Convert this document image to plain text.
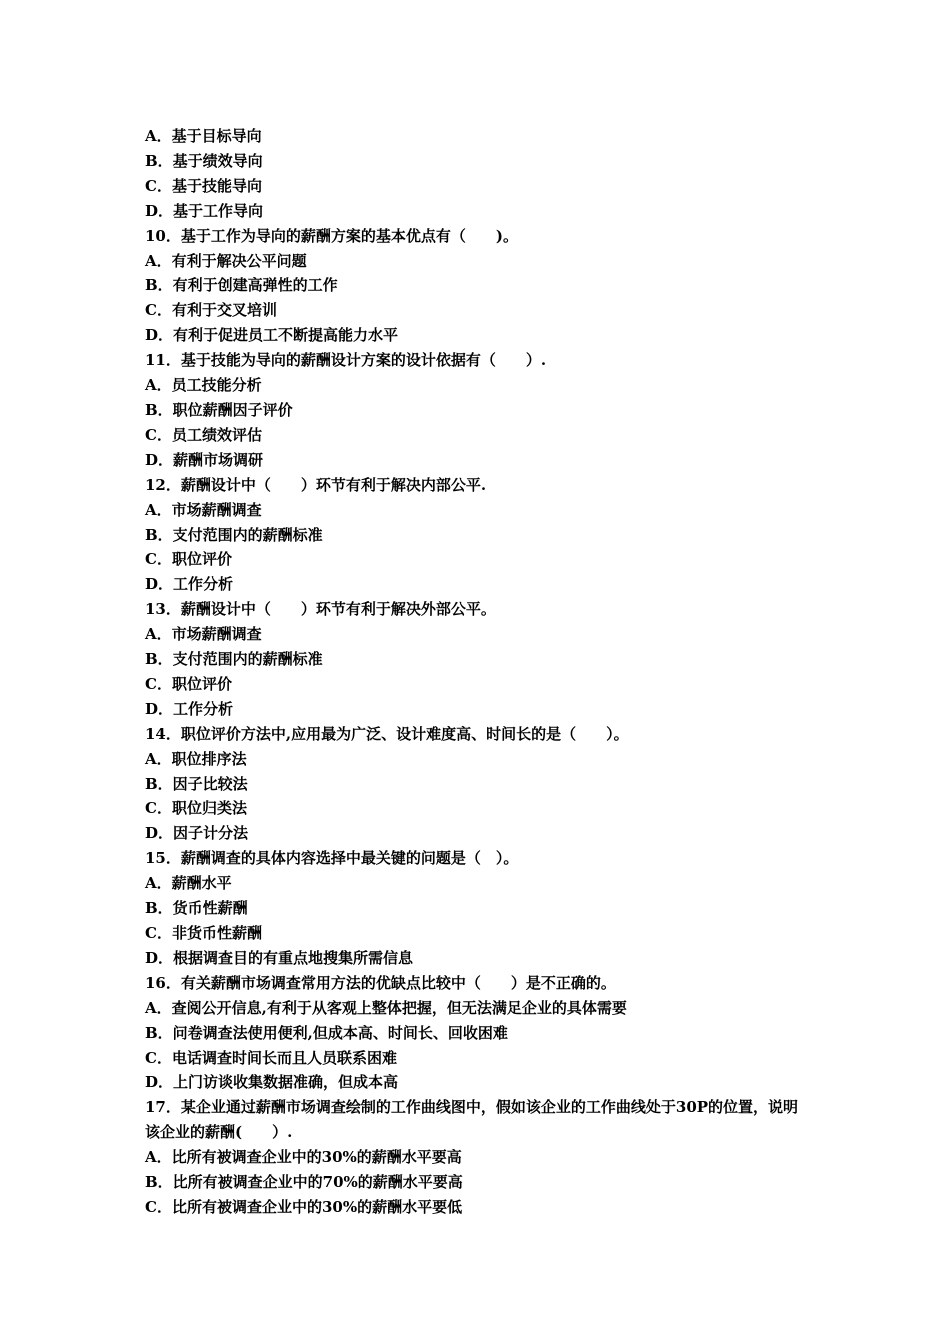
A．基于目标导向
B．基于绩效导向
C．基于技能导向
D．基于工作导向
10．基于工作为导向的薪酬方案的基本优点有（　　)。
A．有利于解决公平问题
B．有利于创建高弹性的工作
C．有利于交叉培训
D．有利于促进员工不断提高能力水平
11．基于技能为导向的薪酬设计方案的设计依据有（　　）.
A．员工技能分析
B．职位薪酬因子评价
C．员工绩效评估
D．薪酬市场调研
12．薪酬设计中（　　）环节有利于解决内部公平.
A．市场薪酬调查
B．支付范围内的薪酬标准
C．职位评价
D．工作分析
13．薪酬设计中（　　）环节有利于解决外部公平。
A．市场薪酬调查
B．支付范围内的薪酬标准
C．职位评价
D．工作分析
14．职位评价方法中,应用最为广泛、设计难度高、时间长的是（　　）。
A．职位排序法
B．因子比较法
C．职位归类法
D．因子计分法
15．薪酬调查的具体内容选择中最关键的问题是（　）。
A．薪酬水平
B．货币性薪酬
C．非货币性薪酬
D．根据调查目的有重点地搜集所需信息
16．有关薪酬市场调查常用方法的优缺点比较中（　　）是不正确的。
A．查阅公开信息,有利于从客观上整体把握，但无法满足企业的具体需要
B．问卷调查法使用便利,但成本高、时间长、回收困难
C．电话调查时间长而且人员联系困难
D．上门访谈收集数据准确，但成本高
17．某企业通过薪酬市场调查绘制的工作曲线图中，假如该企业的工作曲线处于30P的位置，说明该企业的薪酬(　　）.
A．比所有被调查企业中的30%的薪酬水平要高
B．比所有被调查企业中的70%的薪酬水平要高
C．比所有被调查企业中的30%的薪酬水平要低
